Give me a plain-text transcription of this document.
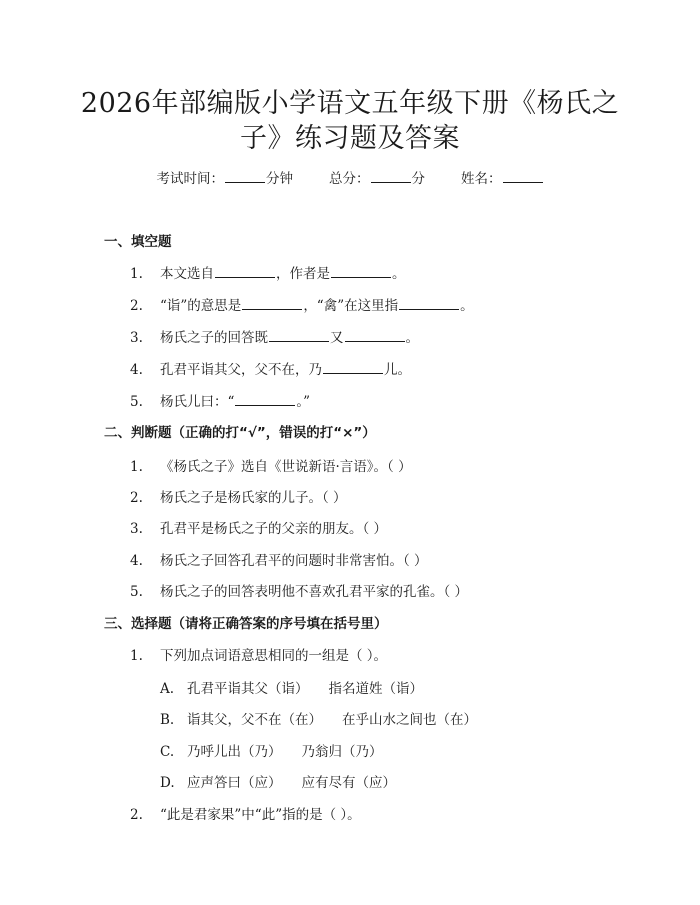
2026年部编版小学语文五年级下册《杨氏之
子》练习题及答案
考试时间：	分钟	总分：	分	姓名：
一、填空题
1.	本文选自	，作者是	。
2.	“诣”的意思是	，“禽”在这里指	。
3.	杨氏之子的回答既	又	。
4.	孔君平诣其父，父不在，乃	儿。
5.	杨氏儿曰：“	。”
二、判断题（正确的打“√”，错误的打“×”）
1.	《杨氏之子》选自《世说新语·言语》。（ ）
2.	杨氏之子是杨氏家的儿子。（ ）
3.	孔君平是杨氏之子的父亲的朋友。（ ）
4.	杨氏之子回答孔君平的问题时非常害怕。（ ）
5.	杨氏之子的回答表明他不喜欢孔君平家的孔雀。（ ）
三、选择题（请将正确答案的序号填在括号里）
1.	下列加点词语意思相同的一组是（ ）。
A. 孔君平诣其父（诣） 指名道姓（诣）
B. 诣其父，父不在（在） 在乎山水之间也（在）
C. 乃呼儿出（乃） 乃翁归（乃）
D. 应声答曰（应） 应有尽有（应）
2.	“此是君家果”中“此”指的是（ ）。
